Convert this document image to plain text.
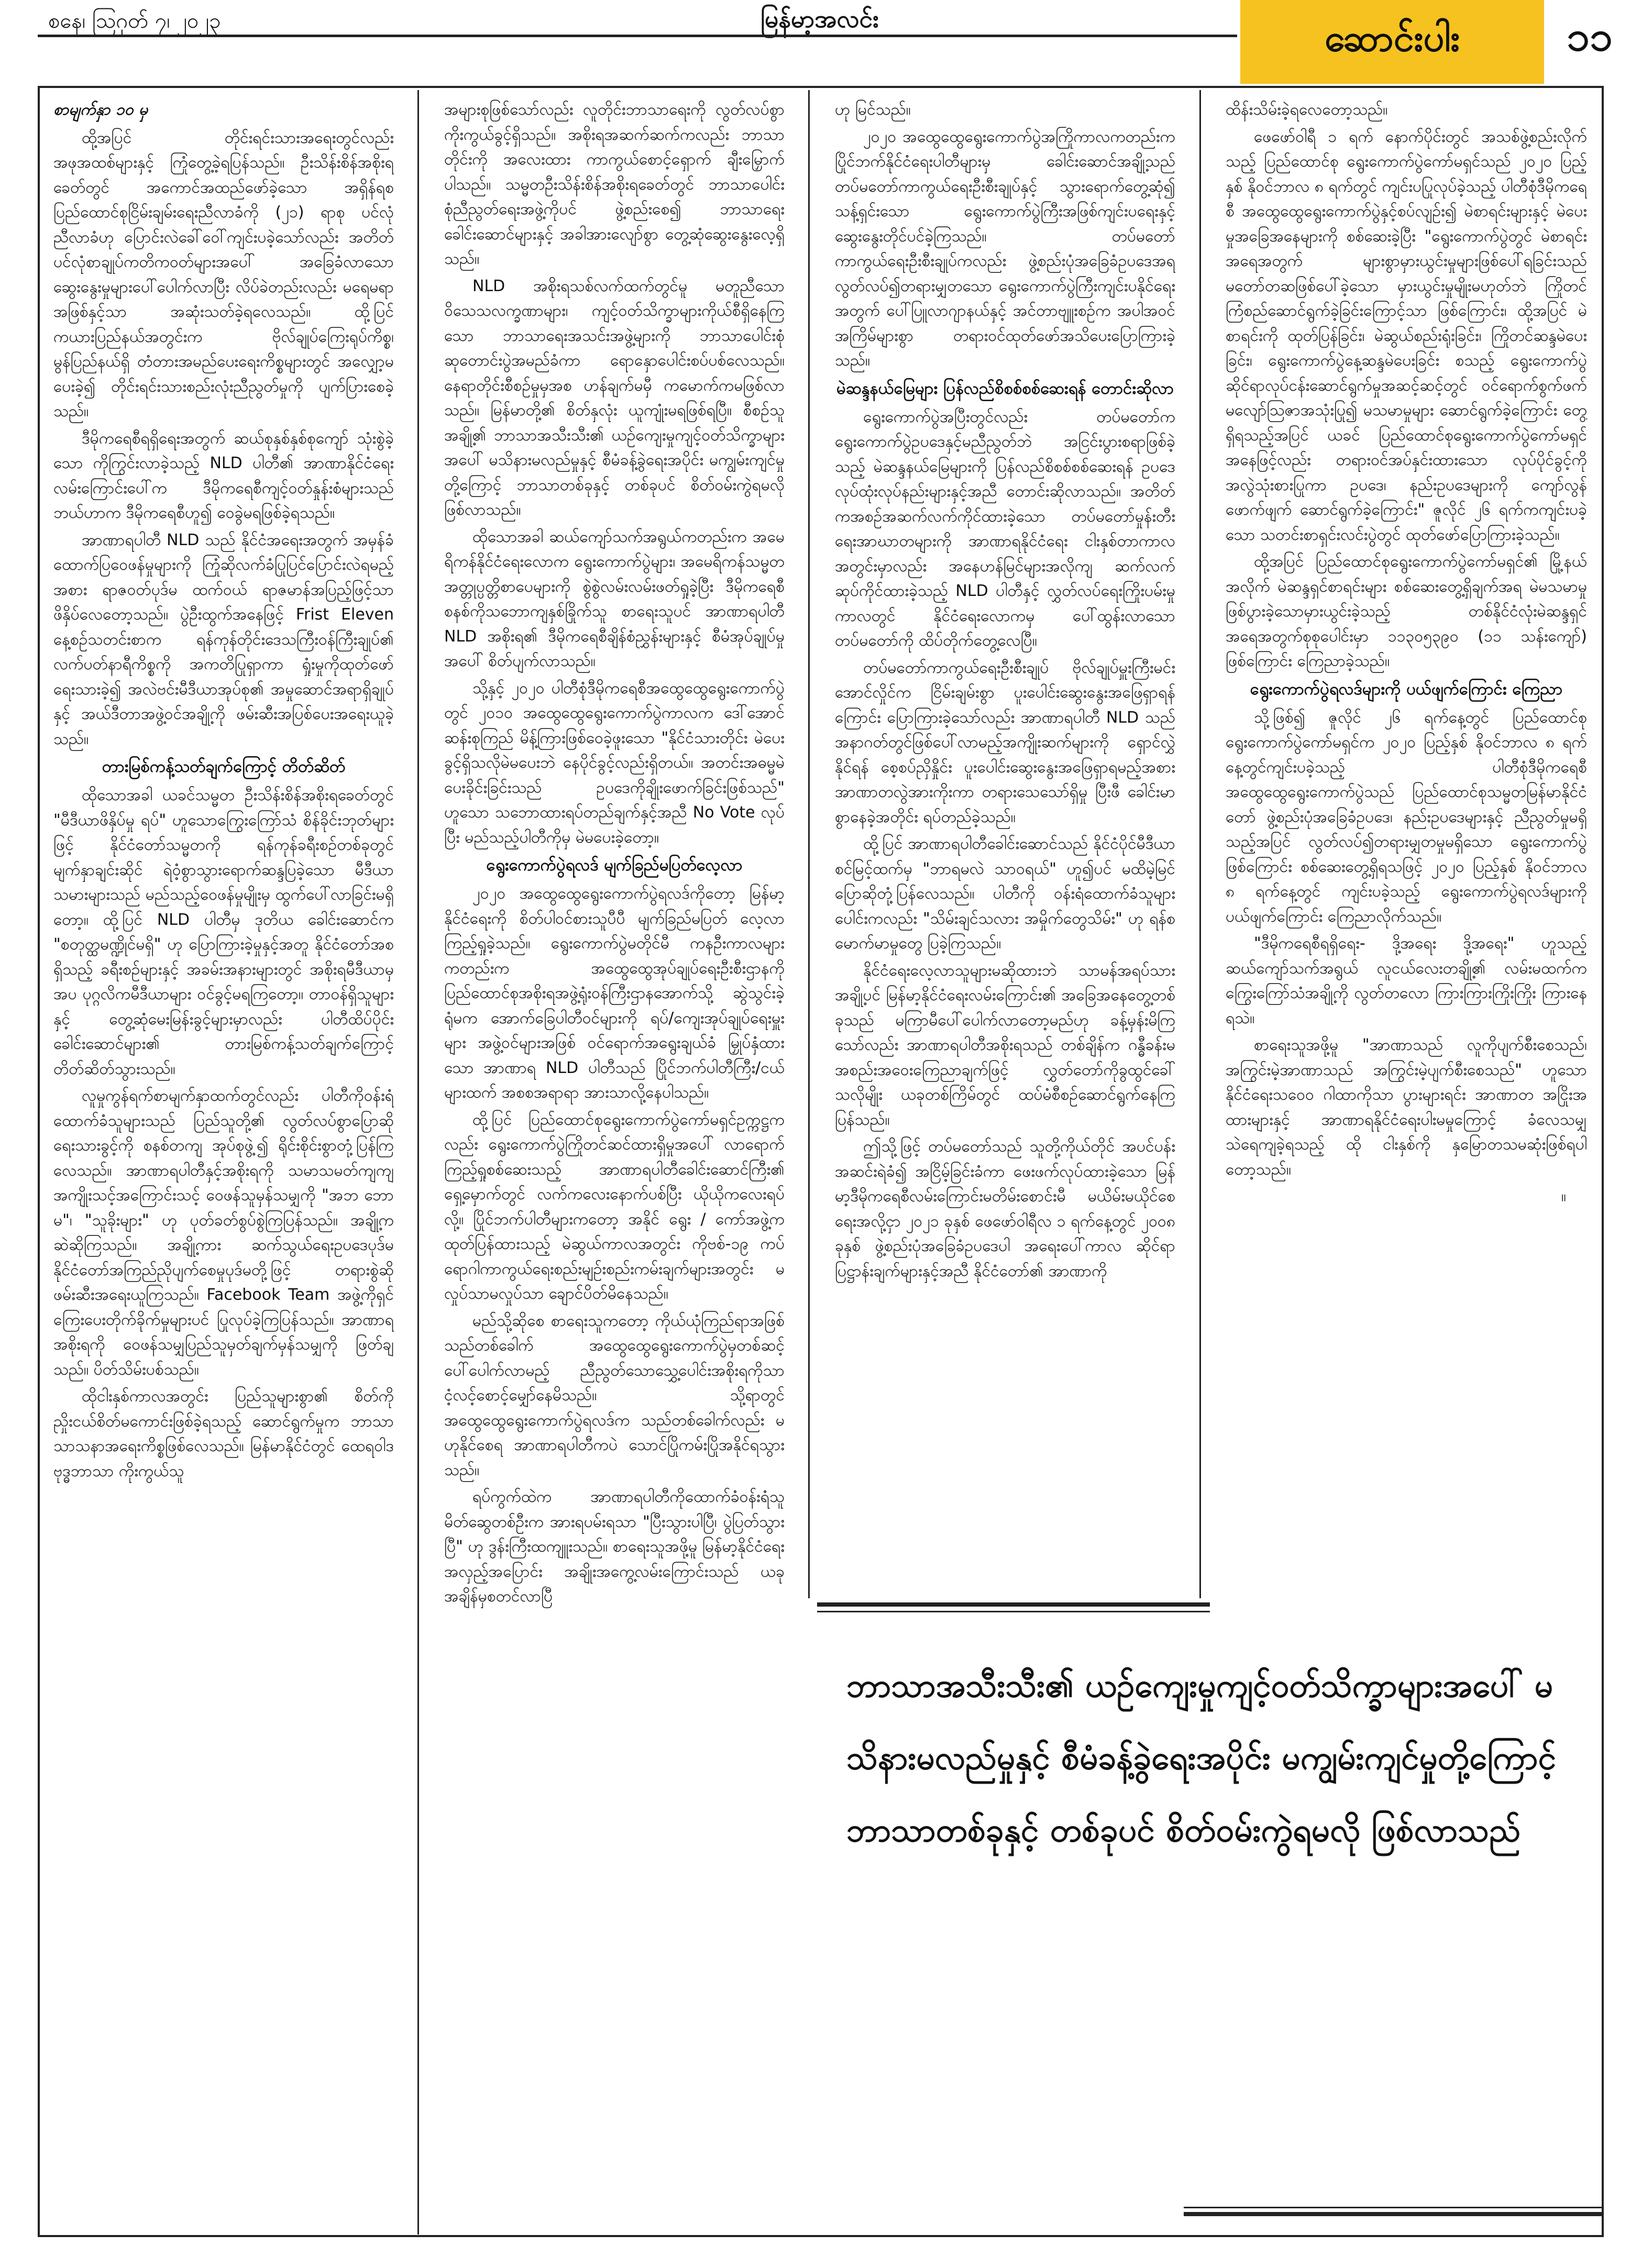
စနေ၊ ဩဂုတ် ၇၊ ၂၀၂၃	မြန်မာ့အလင်း	ဆောင်းပါး	၁၁

စာမျက်နှာ ၁၀ မှ

ထို့အပြင် တိုင်းရင်းသားအရေးတွင်လည်း အဖုအထစ်များနှင့် ကြုံတွေ့ခဲ့ရပြန်သည်။ ဦးသိန်းစိန်အစိုးရခေတ်တွင် အကောင်အထည်ဖော်ခဲ့သော အရှိန်ရစ ပြည်ထောင်စုငြိမ်းချမ်းရေးညီလာခံကို (၂၁) ရာစု ပင်လုံညီလာခံဟု ပြောင်းလဲခေါ်ဝေါ်ကျင်းပခဲ့သော်လည်း အတိတ်ပင်လုံစာချုပ်ကတိကဝတ်များအပေါ် အခြေခံလာသော ဆွေးနွေးမှုများပေါ်ပေါက်လာပြီး လိပ်ခဲတည်းလည်း မရေမရာအဖြစ်နှင့်သာ အဆုံးသတ်ခဲ့ရလေသည်။ ထို့ပြင် ကယားပြည်နယ်အတွင်းက ဗိုလ်ချုပ်ကြေးရုပ်ကိစ္စ၊ မွန်ပြည်နယ်ရှိ တံတားအမည်ပေးရေးကိစ္စများတွင် အလျှော့မပေးခဲ့၍ တိုင်းရင်းသားစည်းလုံးညီညွတ်မှုကို ပျက်ပြားစေခဲ့သည်။

ဒီမိုကရေစီရရှိရေးအတွက် ဆယ်စုနှစ်နှစ်စုကျော် သုံးစွဲခဲ့သော ကိုကြွင်းလာခဲ့သည့် NLD ပါတီ၏ အာဏာနိုင်ငံရေးလမ်းကြောင်းပေါ်က ဒီမိုကရေစီကျင့်ဝတ်နှုန်းစံများသည် ဘယ်ဟာက ဒီမိုကရေစီဟူ၍ ဝေခွဲမရဖြစ်ခဲ့ရသည်။

အာဏာရပါတီ NLD သည် နိုင်ငံအရေးအတွက် အမှန်ခံထောက်ပြဝေဖန်မှုများကို ကြုံဆိုလက်ခံပြုပြင်ပြောင်းလဲရမည့်အစား ရာဇဝတ်ပုဒ်မ ထက်ဝယ် ရာဇမာန်အပြည့်ဖြင့်သာ ဖိနှိပ်လေတော့သည်။ ပွဲဦးထွက်အနေဖြင့် Frist Eleven နေ့စဉ်သတင်းစာက ရန်ကုန်တိုင်းဒေသကြီးဝန်ကြီးချုပ်၏ လက်ပတ်နာရီကိစ္စကို အကတိပြုရှာကာ ရှုံးမှုကိုထုတ်ဖော်ရေးသားခဲ့၍ အလဲဗင်းမီဒီယာအုပ်စု၏ အမှုဆောင်အရာရှိချုပ်နှင့် အယ်ဒီတာအဖွဲ့ဝင်အချို့ကို ဖမ်းဆီးအပြစ်ပေးအရေးယူခဲ့သည်။

တားမြစ်ကန့်သတ်ချက်ကြောင့် တိတ်ဆိတ်

ထိုသောအခါ ယခင်သမ္မတ ဦးသိန်းစိန်အစိုးရခေတ်တွင် "မီဒီယာဖိနှိပ်မှု ရပ်" ဟူသောကြွေးကြော်သံ စိန်ခိုင်းဘုတ်များဖြင့် နိုင်ငံတော်သမ္မတကို ရန်ကုန်ခရီးစဉ်တစ်ခုတွင် မျက်နှာချင်းဆိုင် ရဲဝံ့စွာသွားရောက်ဆန္ဒပြခဲ့သော မီဒီယာသမားများသည် မည်သည့်ဝေဖန်မှုမျိုးမှ ထွက်ပေါ်လာခြင်းမရှိတော့။ ထို့ပြင် NLD ပါတီမှ ဒုတိယ ခေါင်းဆောင်က "စတုတ္ထမဏ္ဍိုင်မရှိ" ဟု ပြောကြားခဲ့မှုနှင့်အတူ နိုင်ငံတော်အစရှိသည့် ခရီးစဉ်များနှင့် အခမ်းအနားများတွင် အစိုးရမီဒီယာမှအပ ပုဂ္ဂလိကမီဒီယာများ ဝင်ခွင့်မရကြတော့။ တာဝန်ရှိသူများနှင့် တွေ့ဆုံမေးမြန်းခွင့်များမှာလည်း ပါတီထိပ်ပိုင်းခေါင်းဆောင်များ၏ တားမြစ်ကန့်သတ်ချက်ကြောင့် တိတ်ဆိတ်သွားသည်။

လူမှုကွန်ရက်စာမျက်နှာထက်တွင်လည်း ပါတီကိုဝန်းရံထောက်ခံသူများသည် ပြည်သူတို့၏ လွတ်လပ်စွာပြောဆိုရေးသားခွင့်ကို စနစ်တကျ အုပ်စုဖွဲ့၍ ရိုင်းစိုင်းစွာတုံ့ပြန်ကြလေသည်။ အာဏာရပါတီနှင့်အစိုးရကို သမာသမတ်ကျကျ အကျိုးသင့်အကြောင်းသင့် ဝေဖန်သူမှန်သမျှကို "အဘ ဘောမ"၊ "သူခိုးများ" ဟု ပုတ်ခတ်စွပ်စွဲကြပြန်သည်။ အချို့က ဆဲဆိုကြသည်။ အချို့ကား ဆက်သွယ်ရေးဥပဒေပုဒ်မ နိုင်ငံတော်အကြည်ညိုပျက်စေမှုပုဒ်မတို့ဖြင့် တရားစွဲဆိုဖမ်းဆီးအရေးယူကြသည်။ Facebook Team အဖွဲ့ကိုရှင်ကြေးပေးတိုက်ခိုက်မှုများပင် ပြုလုပ်ခဲ့ကြပြန်သည်။ အာဏာရအစိုးရကို ဝေဖန်သမျှပြည်သူမှတ်ချက်မှန်သမျှကို ဖြတ်ချသည်။ ပိတ်သိမ်းပစ်သည်။

ထိုငါးနှစ်ကာလအတွင်း ပြည်သူများစွာ၏ စိတ်ကို ညှိုးငယ်စိတ်မကောင်းဖြစ်ခဲ့ရသည့် ဆောင်ရွက်မှုက ဘာသာသာသနာအရေးကိစ္စဖြစ်လေသည်။ မြန်မာနိုင်ငံတွင် ထေရဝါဒဗုဒ္ဓဘာသာ ကိုးကွယ်သူ

အများစုဖြစ်သော်လည်း လူတိုင်းဘာသာရေးကို လွတ်လပ်စွာကိုးကွယ်ခွင့်ရှိသည်။ အစိုးရအဆက်ဆက်ကလည်း ဘာသာတိုင်းကို အလေးထား ကာကွယ်စောင့်ရှောက် ချီးမြှောက်ပါသည်။ သမ္မတဦးသိန်းစိန်အစိုးရခေတ်တွင် ဘာသာပေါင်းစုံညီညွတ်ရေးအဖွဲ့ကိုပင် ဖွဲ့စည်းစေ၍ ဘာသာရေးခေါင်းဆောင်များနှင့် အခါအားလျော်စွာ တွေ့ဆုံဆွေးနွေးလေ့ရှိသည်။

NLD အစိုးရသစ်လက်ထက်တွင်မူ မတူညီသော ဝိသေသလက္ခဏာများ၊ ကျင့်ဝတ်သိက္ခာများကိုယ်စီရှိနေကြသော ဘာသာရေးအသင်းအဖွဲ့များကို ဘာသာပေါင်းစုံဆုတောင်းပွဲအမည်ခံကာ ရောနှောပေါင်းစပ်ပစ်လေသည်။ နေရာတိုင်းစီစဉ်မှုမှအစ ဟန်ချက်မမှီ ကမောက်ကမဖြစ်လာသည်။ မြန်မာတို့၏ စိတ်နှလုံး ယူကျုံးမရဖြစ်ရပြီ။ စီစဉ်သူအချို့၏ ဘာသာအသီးသီး၏ ယဉ်ကျေးမှုကျင့်ဝတ်သိက္ခာများအပေါ် မသိနားမလည်မှုနှင့် စီမံခန့်ခွဲရေးအပိုင်း မကျွမ်းကျင်မှုတို့ကြောင့် ဘာသာတစ်ခုနှင့် တစ်ခုပင် စိတ်ဝမ်းကွဲရမလို ဖြစ်လာသည်။

ထိုသောအခါ ဆယ်ကျော်သက်အရွယ်ကတည်းက အမေရိကန်နိုင်ငံရေးလောက ရွေးကောက်ပွဲများ၊ အမေရိကန်သမ္မတ အတ္တုပ္ပတ္တိစာပေများကို စွဲစွဲလမ်းလမ်းဖတ်ရှုခဲ့ပြီး ဒီမိုကရေစီစနစ်ကိုသဘောကျနှစ်ခြိုက်သူ စာရေးသူပင် အာဏာရပါတီ NLD အစိုးရ၏ ဒီမိုကရေစီချိန်စံညွှန်းများနှင့် စီမံအုပ်ချုပ်မှုအပေါ် စိတ်ပျက်လာသည်။

သို့နှင့် ၂၀၂၀ ပါတီစုံဒီမိုကရေစီအထွေထွေရွေးကောက်ပွဲတွင် ၂၀၁၀ အထွေထွေရွေးကောက်ပွဲကာလက ဒေါ်အောင်ဆန်းစုကြည် မိန့်ကြားဖြစ်ဝေခဲ့ဖူးသော "နိုင်ငံသားတိုင်း မဲပေးခွင့်ရှိသလိုမဲမပေးဘဲ နေပိုင်ခွင့်လည်းရှိတယ်။ အတင်းအဓမ္မမဲပေးခိုင်းခြင်းသည် ဥပဒေကိုချိုးဖောက်ခြင်းဖြစ်သည်" ဟူသော သဘောထားရပ်တည်ချက်နှင့်အညီ No Vote လုပ်ပြီး မည်သည့်ပါတီကိုမှ မဲမပေးခဲ့တော့။

ရွေးကောက်ပွဲရလဒ် မျက်ခြည်မပြတ်လေ့လာ

၂၀၂၀ အထွေထွေရွေးကောက်ပွဲရလဒ်ကိုတော့ မြန်မာ့နိုင်ငံရေးကို စိတ်ပါဝင်စားသူပီပီ မျက်ခြည်မပြတ် လေ့လာကြည့်ရှုခဲ့သည်။ ရွေးကောက်ပွဲမတိုင်မီ ကနဦးကာလများကတည်းက အထွေထွေအုပ်ချုပ်ရေးဦးစီးဌာနကို ပြည်ထောင်စုအစိုးရအဖွဲ့ရုံးဝန်ကြီးဌာနအောက်သို့ ဆွဲသွင်းခဲ့ရုံမက အောက်ခြေပါတီဝင်များကို ရပ်/ကျေးအုပ်ချုပ်ရေးမှူးများ အဖွဲ့ဝင်များအဖြစ် ဝင်ရောက်အရွေးချယ်ခံ မြှုပ်နှံထားသော အာဏာရ NLD ပါတီသည် ပြိုင်ဘက်ပါတီကြီး/ငယ်များထက် အစစအရာရာ အားသာလို့နေပါသည်။

ထို့ပြင် ပြည်ထောင်စုရွေးကောက်ပွဲကော်မရှင်ဥက္ကဋ္ဌကလည်း ရွေးကောက်ပွဲကြိုတင်ဆင်ထားရှိမှုအပေါ် လာရောက်ကြည့်ရှုစစ်ဆေးသည့် အာဏာရပါတီခေါင်းဆောင်ကြီး၏ ရှေ့မှောက်တွင် လက်ကလေးနောက်ပစ်ပြီး ယိုယိုကလေးရပ်လို့။ ပြိုင်ဘက်ပါတီများကတော့ အနိုင် ရွေး / ကော်အဖွဲ့က ထုတ်ပြန်ထားသည့် မဲဆွယ်ကာလအတွင်း ကိုဗစ်-၁၉ ကပ်ရောဂါကာကွယ်ရေးစည်းမျဉ်းစည်းကမ်းချက်များအတွင်း မလှုပ်သာမလှုပ်သာ ချောင်ပိတ်မိနေသည်။

မည်သို့ဆိုစေ စာရေးသူကတော့ ကိုယ်ယုံကြည်ရာအဖြစ် သည်တစ်ခေါက် အထွေထွေရွေးကောက်ပွဲမှတစ်ဆင့် ပေါ်ပေါက်လာမည့် ညီညွတ်သောသွှေ့ပေါင်းအစိုးရကိုသာ ငံ့လင့်စောင့်မျှော်နေမိသည်။ သို့ရာတွင် အထွေထွေရွေးကောက်ပွဲရလဒ်က သည်တစ်ခေါက်လည်း မဟုနိုင်စေရ အာဏာရပါတီကပဲ သောင်ပြိုကမ်းပြိုအနိုင်ရသွားသည်။

ရပ်ကွက်ထဲက အာဏာရပါတီကိုထောက်ခံဝန်းရံသူမိတ်ဆွေတစ်ဦးက အားရပမ်းရသာ "ပြီးသွားပါပြီ၊ ပွဲပြတ်သွားပြီ" ဟု ဒွန်းကြီးထကျူးသည်။ စာရေးသူအဖို့မူ မြန်မာ့နိုင်ငံရေးအလှည့်အပြောင်း အချိုးအကွေ့လမ်းကြောင်းသည် ယခုအချိန်မှစတင်လာပြီ

ဟု မြင်သည်။

၂၀၂၀ အထွေထွေရွေးကောက်ပွဲအကြိုကာလကတည်းက ပြိုင်ဘက်နိုင်ငံရေးပါတီများမှ ခေါင်းဆောင်အချို့သည် တပ်မတော်ကာကွယ်ရေးဦးစီးချုပ်နှင့် သွားရောက်တွေ့ဆုံ၍ သန့်ရှင်းသော ရွေးကောက်ပွဲကြီးအဖြစ်ကျင်းပရေးနှင့် ဆွေးနွေးတိုင်ပင်ခဲ့ကြသည်။ တပ်မတော်ကာကွယ်ရေးဦးစီးချုပ်ကလည်း ဖွဲ့စည်းပုံအခြေခံဥပဒေအရ လွတ်လပ်၍တရားမျှတသော ရွေးကောက်ပွဲကြီးကျင်းပနိုင်ရေးအတွက် ပေါ်ပြူလာဂျာနယ်နှင့် အင်တာဗျူးစဉ်က အပါအဝင် အကြိမ်များစွာ တရားဝင်ထုတ်ဖော်အသိပေးပြောကြားခဲ့သည်။

မဲဆန္ဒနယ်မြေများ ပြန်လည်စိစစ်စစ်ဆေးရန် တောင်းဆိုလာ

ရွေးကောက်ပွဲအပြီးတွင်လည်း တပ်မတော်က ရွေးကောက်ပွဲဥပဒေနှင့်မညီညွတ်ဘဲ အငြင်းပွားစရာဖြစ်ခဲ့သည့် မဲဆန္ဒနယ်မြေများကို ပြန်လည်စိစစ်စစ်ဆေးရန် ဥပဒေလုပ်ထုံးလုပ်နည်းများနှင့်အညီ တောင်းဆိုလာသည်။ အတိတ်ကအစဉ်အဆက်လက်ကိုင်ထားခဲ့သော တပ်မတော်မှုန်းတီးရေးအာဃာတများကို အာဏာရနိုင်ငံရေး ငါးနှစ်တာကာလအတွင်းမှာလည်း အနေဟန်မြင်များအလိုကျ ဆက်လက်ဆုပ်ကိုင်ထားခဲ့သည့် NLD ပါတီနှင့် လွှတ်လပ်ရေးကြိုးပမ်းမှုကာလတွင် နိုင်ငံရေးလောကမှ ပေါ်ထွန်းလာသော တပ်မတော်ကို ထိပ်တိုက်တွေ့လေပြီ။

တပ်မတော်ကာကွယ်ရေးဦးစီးချုပ် ဗိုလ်ချုပ်မှူးကြီးမင်းအောင်လှိုင်က ငြိမ်းချမ်းစွာ ပူးပေါင်းဆွေးနွေးအဖြေရှာရန်ကြောင်း ပြောကြားခဲ့သော်လည်း အာဏာရပါတီ NLD သည် အနာဂတ်တွင်ဖြစ်ပေါ်လာမည့်အကျိုးဆက်များကို ရှောင်လွှဲနိုင်ရန် စေ့စပ်ညှိနှိုင်း ပူးပေါင်းဆွေးနွေးအဖြေရှာရမည့်အစား အာဏာတလွဲအားကိုးကာ တရားသေသော်ရှိမှု ပြီးဖီ ခေါင်းမာစွာနေခဲ့အတိုင်း ရပ်တည်ခဲ့သည်။

ထို့ပြင် အာဏာရပါတီခေါင်းဆောင်သည် နိုင်ငံပိုင်မီဒီယာစင်မြင့်ထက်မှ "ဘာရမလဲ သာဝရယ်" ဟူ၍ပင် မထိမဲ့မြင် ပြောဆိုတုံ့ပြန်လေသည်။ ပါတီကို ဝန်းရံထောက်ခံသူများပေါင်းကလည်း "သိမ်းချင်သလား အမှိုက်တွေသိမ်း" ဟု ရန်စမောက်မာမှုတွေ ပြခဲ့ကြသည်။

နိုင်ငံရေးလေ့လာသူများမဆိုထားဘဲ သာမန်အရပ်သားအချို့ပင် မြန်မာ့နိုင်ငံရေးလမ်းကြောင်း၏ အခြေအနေတွေ့တစ်ခုသည် မကြာမီပေါ်ပေါက်လာတော့မည်ဟု ခန့်မှန်းမိကြသော်လည်း အာဏာရပါတီအစိုးရသည် တစ်ချိန်က ဂန္ဓီခန်းမအစည်းအဝေးကြေညာချက်ဖြင့် လွှတ်တော်ကိုခွထွင်ခေါ် သလိုမျိုး ယခုတစ်ကြိမ်တွင် ထပ်မံစီစဉ်ဆောင်ရွက်နေကြပြန်သည်။

ဤသို့ဖြင့် တပ်မတော်သည် သူတို့ကိုယ်တိုင် အပင်ပန်းအဆင်းရဲခံ၍ အငြိမ့်ခြင်းခံကာ ဖေးဖက်လုပ်ထားခဲ့သော မြန်မာ့ဒီမိုကရေစီလမ်းကြောင်းမတိမ်းစောင်းမီ မယိမ်းမယိုင်စေရေးအလို့ငှာ ၂၀၂၁ ခုနှစ် ဖေဖော်ဝါရီလ ၁ ရက်နေ့တွင် ၂၀၀၈ ခုနှစ် ဖွဲ့စည်းပုံအခြေခံဥပဒေပါ အရေးပေါ်ကာလ ဆိုင်ရာ ပြဋ္ဌာန်းချက်များနှင့်အညီ နိုင်ငံတော်၏ အာဏာကို

ထိန်းသိမ်းခဲ့ရလေတော့သည်။

ဖေဖော်ဝါရီ ၁ ရက် နောက်ပိုင်းတွင် အသစ်ဖွဲ့စည်းလိုက်သည့် ပြည်ထောင်စု ရွေးကောက်ပွဲကော်မရှင်သည် ၂၀၂၀ ပြည့်နှစ် နိုဝင်ဘာလ ၈ ရက်တွင် ကျင်းပပြုလုပ်ခဲ့သည့် ပါတီစုံဒီမိုကရေစီ အထွေထွေရွေးကောက်ပွဲနှင့်စပ်လျဉ်း၍ မဲစာရင်းများနှင့် မဲပေးမှုအခြေအနေများကို စစ်ဆေးခဲ့ပြီး "ရွေးကောက်ပွဲတွင် မဲစာရင်းအရေအတွက် များစွာမှားယွင်းမှုများဖြစ်ပေါ်ရခြင်းသည် မတော်တဆဖြစ်ပေါ်ခဲ့သော မှားယွင်းမှုမျိုးမဟုတ်ဘဲ ကြိုတင်ကြံစည်ဆောင်ရွက်ခဲ့ခြင်းကြောင့်သာ ဖြစ်ကြောင်း၊ ထို့အပြင် မဲစာရင်းကို ထုတ်ပြန်ခြင်း၊ မဲဆွယ်စည်းရုံးခြင်း၊ ကြိုတင်ဆန္ဒမဲပေးခြင်း၊ ရွေးကောက်ပွဲနေ့ဆန္ဒမဲပေးခြင်း စသည့် ရွေးကောက်ပွဲဆိုင်ရာလုပ်ငန်းဆောင်ရွက်မှုအဆင့်ဆင့်တွင် ဝင်ရောက်စွက်ဖက် မလျော်ဩဇာအသုံးပြု၍ မသမာမှုများ ဆောင်ရွက်ခဲ့ကြောင်း တွေ့ရှိရသည့်အပြင် ယခင် ပြည်ထောင်စုရွေးကောက်ပွဲကော်မရှင်အနေဖြင့်လည်း တရားဝင်အပ်နှင်းထားသော လုပ်ပိုင်ခွင့်ကို အလွဲသုံးစားပြုကာ ဥပဒေ၊ နည်းဥပဒေများကို ကျော်လွန်ဖောက်ဖျက် ဆောင်ရွက်ခဲ့ကြောင်း" ဇူလိုင် ၂၆ ရက်ကကျင်းပခဲ့သော သတင်းစာရှင်းလင်းပွဲတွင် ထုတ်ဖော်ပြောကြားခဲ့သည်။

ထို့အပြင် ပြည်ထောင်စုရွေးကောက်ပွဲကော်မရှင်၏ မြို့နယ်အလိုက် မဲဆန္ဒရှင်စာရင်းများ စစ်ဆေးတွေ့ရှိချက်အရ မဲမသမာမှုဖြစ်ပွားခဲ့သောမှားယွင်းခဲ့သည့် တစ်နိုင်ငံလုံးမဲဆန္ဒရှင် အရေအတွက်စုစုပေါင်းမှာ ၁၁၃၀၅၃၉၀ (၁၁ သန်းကျော်) ဖြစ်ကြောင်း ကြေညာခဲ့သည်။

ရွေးကောက်ပွဲရလဒ်များကို ပယ်ဖျက်ကြောင်း ကြေညာ

သို့ဖြစ်၍ ဇူလိုင် ၂၆ ရက်နေ့တွင် ပြည်ထောင်စုရွေးကောက်ပွဲကော်မရှင်က ၂၀၂၀ ပြည့်နှစ် နိုဝင်ဘာလ ၈ ရက်နေ့တွင်ကျင်းပခဲ့သည့် ပါတီစုံဒီမိုကရေစီ အထွေထွေရွေးကောက်ပွဲသည် ပြည်ထောင်စုသမ္မတမြန်မာနိုင်ငံတော် ဖွဲ့စည်းပုံအခြေခံဥပဒေ၊ နည်းဥပဒေများနှင့် ညီညွတ်မှုမရှိသည့်အပြင် လွတ်လပ်၍တရားမျှတမှုမရှိသော ရွေးကောက်ပွဲဖြစ်ကြောင်း စစ်ဆေးတွေ့ရှိရသဖြင့် ၂၀၂၀ ပြည့်နှစ် နိုဝင်ဘာလ ၈ ရက်နေ့တွင် ကျင်းပခဲ့သည့် ရွေးကောက်ပွဲရလဒ်များကို ပယ်ဖျက်ကြောင်း ကြေညာလိုက်သည်။

"ဒီမိုကရေစီရရှိရေး- ဒို့အရေး ဒို့အရေး" ဟူသည့် ဆယ်ကျော်သက်အရွယ် လူငယ်လေးတချို့၏ လမ်းမထက်က ကြွေးကြော်သံအချို့ကို လွတ်တလော ကြားကြားကြိုးကြိုး ကြားနေရသဲ။

စာရေးသူအဖို့မူ "အာဏာသည် လူကိုပျက်စီးစေသည်၊ အကြွင်းမဲ့အာဏာသည် အကြွင်းမဲ့ပျက်စီးစေသည်" ဟူသော နိုင်ငံရေးသဝေဝ ဂါထာကိုသာ ပွားများရင်း အာဏာတ အငြိုးအထားများနှင့် အာဏာရနိုင်ငံရေးပါးမမှုကြောင့် ခံလေသမျှ သဲရေကျခဲ့ရသည့် ထို ငါးနှစ်ကို နှမြောတသမဆုံးဖြစ်ရပါတော့သည်။

။

ဘာသာအသီးသီး၏ ယဉ်ကျေးမှုကျင့်ဝတ်သိက္ခာများအပေါ် မသိနားမလည်မှုနှင့် စီမံခန့်ခွဲရေးအပိုင်း မကျွမ်းကျင်မှုတို့ကြောင့် ဘာသာတစ်ခုနှင့် တစ်ခုပင် စိတ်ဝမ်းကွဲရမလို ဖြစ်လာသည်
